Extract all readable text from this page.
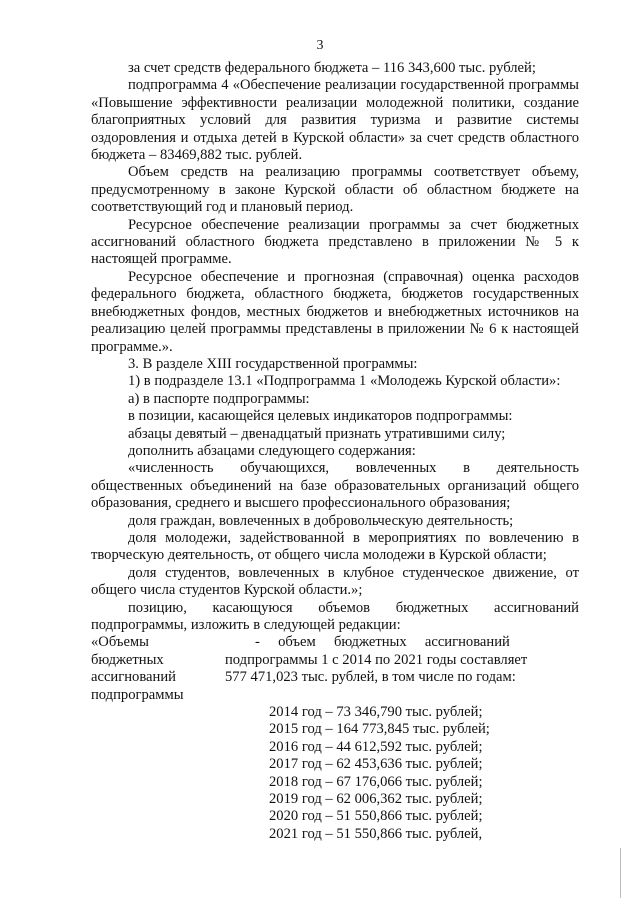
3

за счет средств федерального бюджета – 116 343,600 тыс. рублей;

подпрограмма 4 «Обеспечение реализации государственной программы «Повышение эффективности реализации молодежной политики, создание благоприятных условий для развития туризма и развитие системы оздоровления и отдыха детей в Курской области» за счет средств областного бюджета – 83469,882 тыс. рублей.

Объем средств на реализацию программы соответствует объему, предусмотренному в законе Курской области об областном бюджете на соответствующий год и плановый период.

Ресурсное обеспечение реализации программы за счет бюджетных ассигнований областного бюджета представлено в приложении № 5 к настоящей программе.

Ресурсное обеспечение и прогнозная (справочная) оценка расходов федерального бюджета, областного бюджета, бюджетов государственных внебюджетных фондов, местных бюджетов и внебюджетных источников на реализацию целей программы представлены в приложении № 6 к настоящей программе.».

3. В разделе XIII государственной программы:

1) в подразделе 13.1 «Подпрограмма 1 «Молодежь Курской области»:

а) в паспорте подпрограммы:

в позиции, касающейся целевых индикаторов подпрограммы:

абзацы девятый – двенадцатый признать утратившими силу;

дополнить абзацами следующего содержания:

«численность обучающихся, вовлеченных в деятельность общественных объединений на базе образовательных организаций общего образования, среднего и высшего профессионального образования;

доля граждан, вовлеченных в добровольческую деятельность;

доля молодежи, задействованной в мероприятиях по вовлечению в творческую деятельность, от общего числа молодежи в Курской области;

доля студентов, вовлеченных в клубное студенческое движение, от общего числа студентов Курской области.»;

позицию, касающуюся объемов бюджетных ассигнований подпрограммы, изложить в следующей редакции:

«Объемы
бюджетных
ассигнований
подпрограммы
-     объем     бюджетных     ассигнований
подпрограммы 1 с 2014 по 2021 годы составляет
577 471,023 тыс. рублей, в том числе по годам:
2014 год – 73 346,790 тыс. рублей;
2015 год – 164 773,845 тыс. рублей;
2016 год – 44 612,592 тыс. рублей;
2017 год – 62 453,636 тыс. рублей;
2018 год – 67 176,066 тыс. рублей;
2019 год – 62 006,362 тыс. рублей;
2020 год – 51 550,866 тыс. рублей;
2021 год – 51 550,866 тыс. рублей,
